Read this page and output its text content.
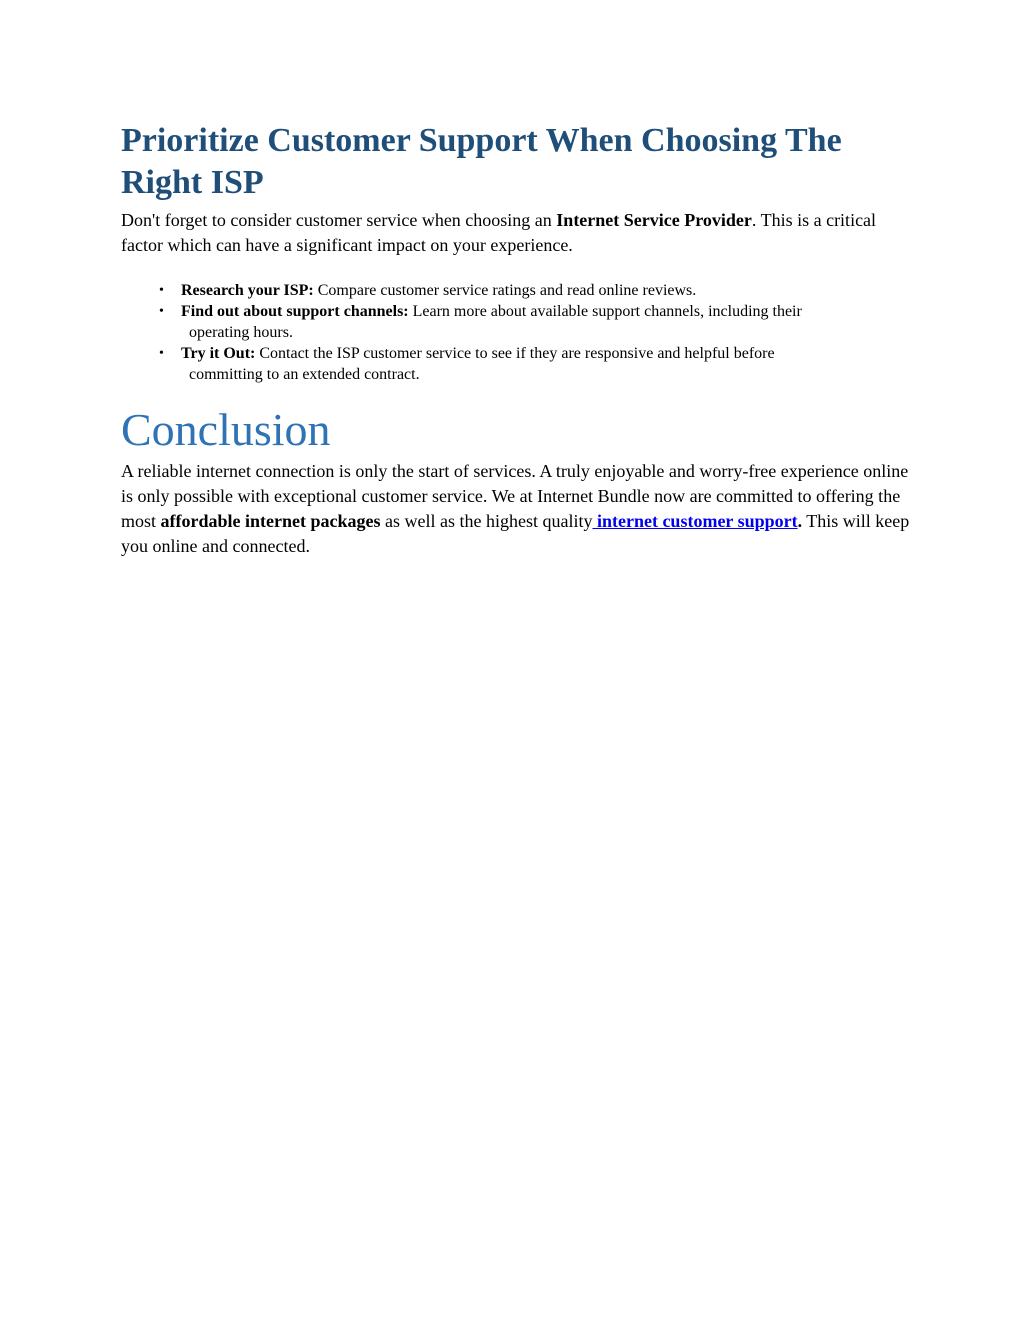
Prioritize Customer Support When Choosing The Right ISP

Don't forget to consider customer service when choosing an Internet Service Provider. This is a critical factor which can have a significant impact on your experience.

• Research your ISP: Compare customer service ratings and read online reviews.
• Find out about support channels: Learn more about available support channels, including their
operating hours.
• Try it Out: Contact the ISP customer service to see if they are responsive and helpful before
committing to an extended contract.
Conclusion

A reliable internet connection is only the start of services. A truly enjoyable and worry-free experience online is only possible with exceptional customer service. We at Internet Bundle now are committed to offering the most affordable internet packages as well as the highest quality internet customer support. This will keep you online and connected.
